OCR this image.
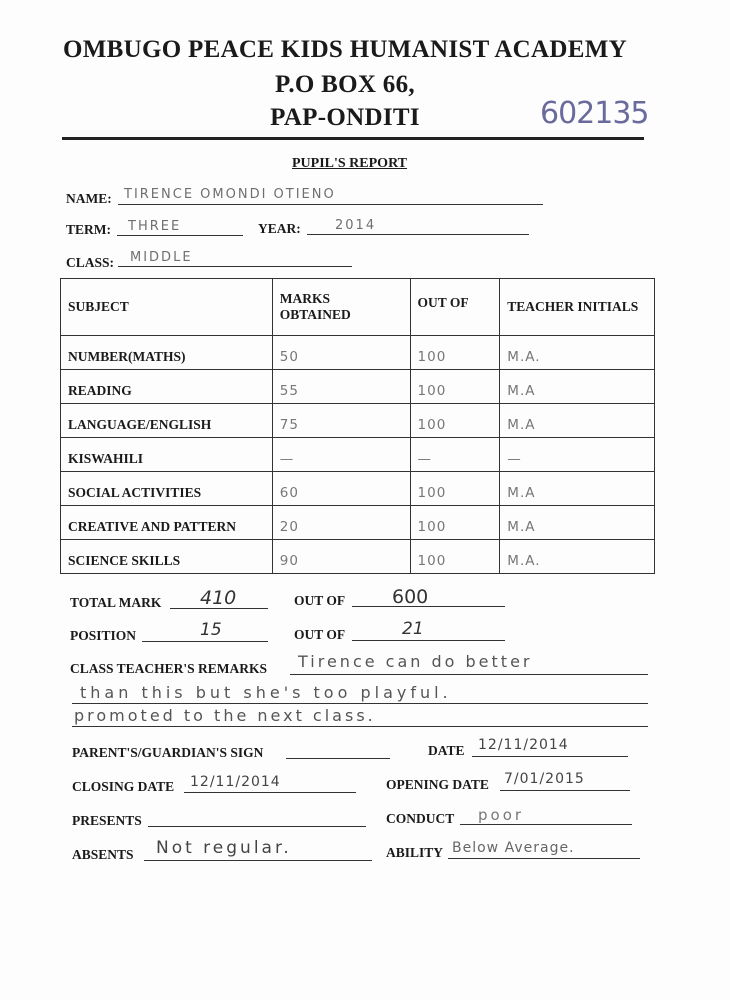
OMBUGO PEACE KIDS HUMANIST ACADEMY
P.O BOX 66,
PAP-ONDITI	602135
PUPIL'S REPORT
NAME: TIRENCE OMONDI OTIENO
TERM: THREE	YEAR:	2014
CLASS: MIDDLE
SUBJECT	MARKS OBTAINED	OUT OF	TEACHER INITIALS
NUMBER(MATHS)	50	100	M.A.
READING	55	100	M.A
LANGUAGE/ENGLISH	75	100	M.A
KISWAHILI	—	—	—
SOCIAL ACTIVITIES	60	100	M.A
CREATIVE AND PATTERN	20	100	M.A
SCIENCE SKILLS	90	100	M.A.
TOTAL MARK 410	OUT OF 600
POSITION	15	OUT OF	21
CLASS TEACHER'S REMARKS Tirence can do better
than this but she's too playful.
promoted to the next class.
PARENT'S/GUARDIAN'S SIGN	DATE 12/11/2014
CLOSING DATE 12/11/2014	OPENING DATE 7/01/2015
PRESENTS	CONDUCT poor
ABSENTS Not regular.	ABILITY Below Average.
